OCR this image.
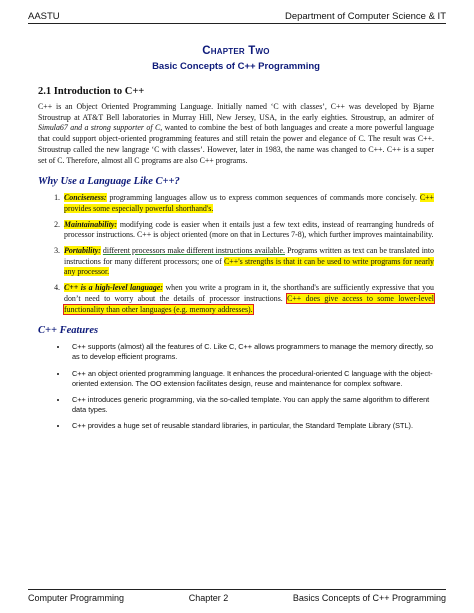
AASTU	Department of Computer Science & IT
Chapter Two
Basic Concepts of C++ Programming
2.1 Introduction to C++

C++ is an Object Oriented Programming Language. Initially named ‘C with classes’, C++ was developed by Bjarne Stroustrup at AT&T Bell laboratories in Murray Hill, New Jersey, USA, in the early eighties. Stroustrup, an admirer of Simula67 and a strong supporter of C, wanted to combine the best of both languages and create a more powerful language that could support object-oriented programming features and still retain the power and elegance of C. The result was C++. Stroustrup called the new langrage ‘C with classes’. However, later in 1983, the name was changed to C++. C++ is a super set of C. Therefore, almost all C programs are also C++ programs.

Why Use a Language Like C++?
1. Conciseness: programming languages allow us to express common sequences of commands more concisely. C++ provides some especially powerful shorthand's.
2. Maintainability: modifying code is easier when it entails just a few text edits, instead of rearranging hundreds of processor instructions. C++ is object oriented (more on that in Lectures 7-8), which further improves maintainability.
3. Portability: different processors make different instructions available. Programs written as text can be translated into instructions for many different processors; one of C++'s strengths is that it can be used to write programs for nearly any processor.
4. C++ is a high-level language: when you write a program in it, the shorthand's are sufficiently expressive that you don’t need to worry about the details of processor instructions. C++ does give access to some lower-level functionality than other languages (e.g. memory addresses).
C++ Features
• C++ supports (almost) all the features of C. Like C, C++ allows programmers to manage the memory directly, so as to develop efficient programs.
• C++ an object oriented programming language. It enhances the procedural-oriented C language with the object-oriented extension. The OO extension facilitates design, reuse and maintenance for complex software.
• C++ introduces generic programming, via the so-called template. You can apply the same algorithm to different data types.
• C++ provides a huge set of reusable standard libraries, in particular, the Standard Template Library (STL).
Computer Programming	Chapter 2	Basics Concepts of C++ Programming
